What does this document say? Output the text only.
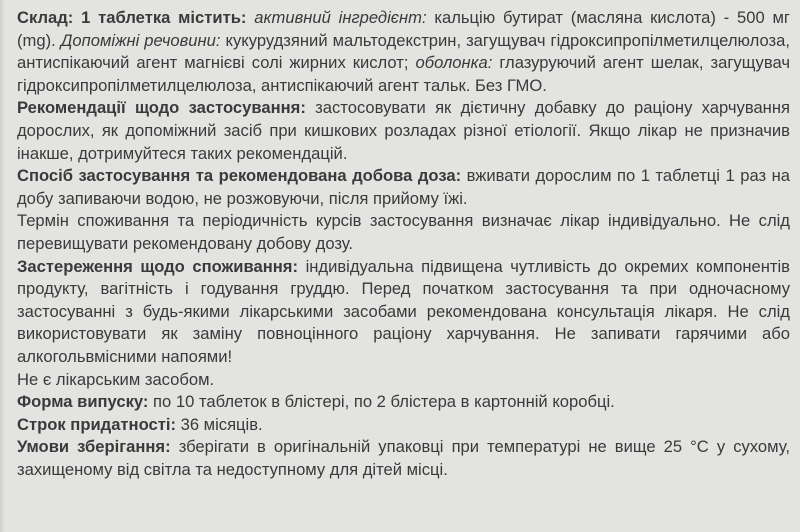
Склад: 1 таблетка містить: активний інгредієнт: кальцію бутират (масляна кислота) - 500 мг (mg). Допоміжні речовини: кукурудзяний мальтодекстрин, загущувач гідроксипропілметилцелюлоза, антиспікаючий агент магнієві солі жирних кислот; оболонка: глазуруючий агент шелак, загущувач гідроксипропілметилцелюлоза, антиспікаючий агент тальк. Без ГМО.

Рекомендації щодо застосування: застосовувати як дієтичну добавку до раціону харчування дорослих, як допоміжний засіб при кишкових розладах різної етіології. Якщо лікар не призначив інакше, дотримуйтеся таких рекомендацій.

Спосіб застосування та рекомендована добова доза: вживати дорослим по 1 таблетці 1 раз на добу запиваючи водою, не розжовуючи, після прийому їжі.

Термін споживання та періодичність курсів застосування визначає лікар індивідуально. Не слід перевищувати рекомендовану добову дозу.

Застереження щодо споживання: індивідуальна підвищена чутливість до окремих компонентів продукту, вагітність і годування груддю. Перед початком застосування та при одночасному застосуванні з будь-якими лікарськими засобами рекомендована консультація лікаря. Не слід використовувати як заміну повноцінного раціону харчування. Не запивати гарячими або алкогольвмісними напоями!

Не є лікарським засобом.

Форма випуску: по 10 таблеток в блістері, по 2 блістера в картонній коробці.

Строк придатності: 36 місяців.

Умови зберігання: зберігати в оригінальній упаковці при температурі не вище 25 °С у сухому, захищеному від світла та недоступному для дітей місці.
